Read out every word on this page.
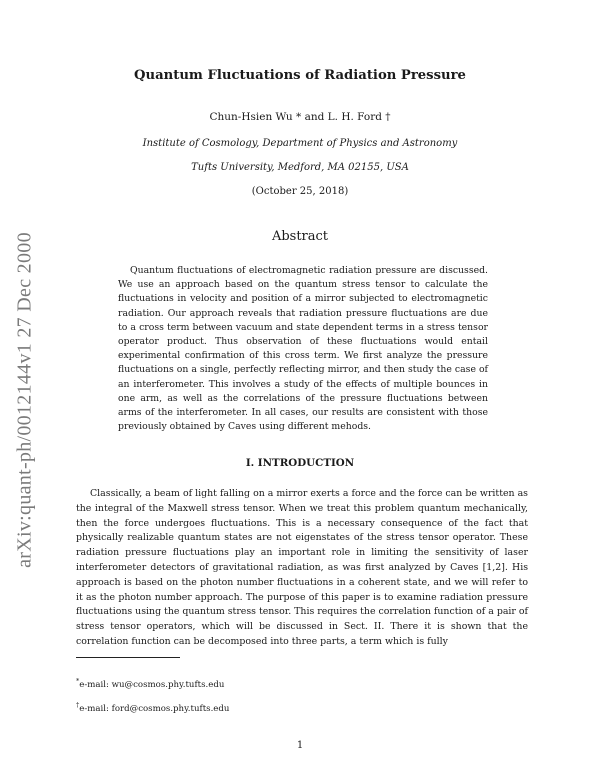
arXiv:quant-ph/0012144v1 27 Dec 2000
Quantum Fluctuations of Radiation Pressure
Chun-Hsien Wu * and L. H. Ford †
Institute of Cosmology, Department of Physics and Astronomy
Tufts University, Medford, MA 02155, USA
(October 25, 2018)
Abstract
Quantum fluctuations of electromagnetic radiation pressure are discussed. We use an approach based on the quantum stress tensor to calculate the fluctuations in velocity and position of a mirror subjected to electromagnetic radiation. Our approach reveals that radiation pressure fluctuations are due to a cross term between vacuum and state dependent terms in a stress tensor operator product. Thus observation of these fluctuations would entail experimental confirmation of this cross term. We first analyze the pressure fluctuations on a single, perfectly reflecting mirror, and then study the case of an interferometer. This involves a study of the effects of multiple bounces in one arm, as well as the correlations of the pressure fluctuations between arms of the interferometer. In all cases, our results are consistent with those previously obtained by Caves using different mehods.
I. INTRODUCTION
Classically, a beam of light falling on a mirror exerts a force and the force can be written as the integral of the Maxwell stress tensor. When we treat this problem quantum mechanically, then the force undergoes fluctuations. This is a necessary consequence of the fact that physically realizable quantum states are not eigenstates of the stress tensor operator. These radiation pressure fluctuations play an important role in limiting the sensitivity of laser interferometer detectors of gravitational radiation, as was first analyzed by Caves [1,2]. His approach is based on the photon number fluctuations in a coherent state, and we will refer to it as the photon number approach. The purpose of this paper is to examine radiation pressure fluctuations using the quantum stress tensor. This requires the correlation function of a pair of stress tensor operators, which will be discussed in Sect. II. There it is shown that the correlation function can be decomposed into three parts, a term which is fully
*e-mail: wu@cosmos.phy.tufts.edu
†e-mail: ford@cosmos.phy.tufts.edu
1
